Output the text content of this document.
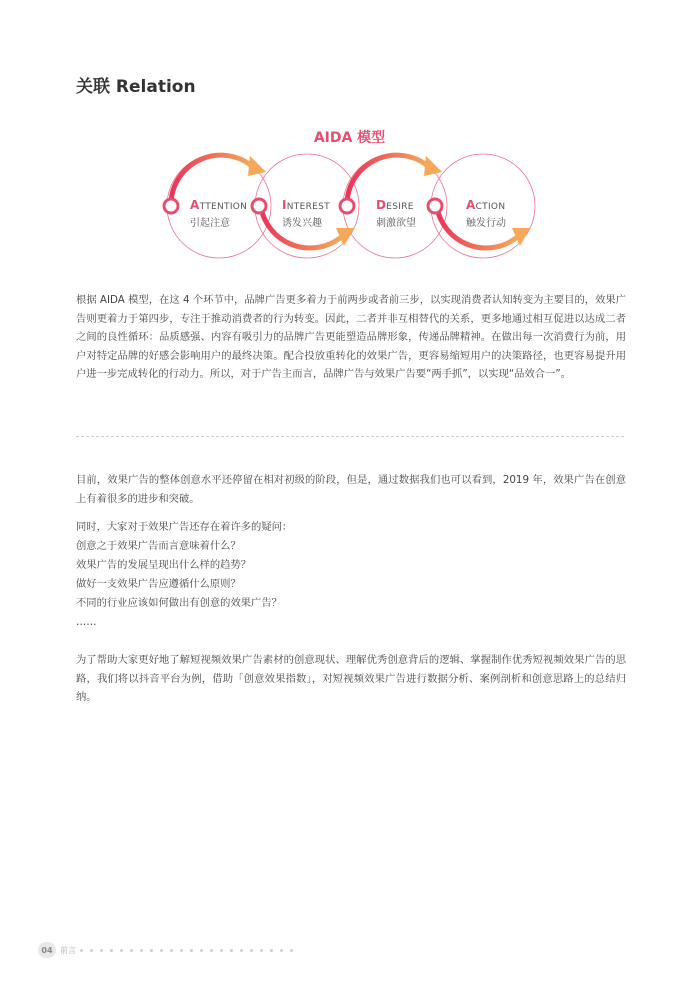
关联 Relation
AIDA 模型
ATTENTION
引起注意
INTEREST
诱发兴趣
DESIRE
刺激欲望
ACTION
触发行动
根据 AIDA 模型，在这 4 个环节中，品牌广告更多着力于前两步或者前三步，以实现消费者认知转变为主要目的，效果广告则更着力于第四步，专注于推动消费者的行为转变。因此，二者并非互相替代的关系，更多地通过相互促进以达成二者之间的良性循环：品质感强、内容有吸引力的品牌广告更能塑造品牌形象，传递品牌精神。在做出每一次消费行为前，用户对特定品牌的好感会影响用户的最终决策。配合投放重转化的效果广告，更容易缩短用户的决策路径，也更容易提升用户进一步完成转化的行动力。所以，对于广告主而言，品牌广告与效果广告要“两手抓”，以实现“品效合一”。
目前，效果广告的整体创意水平还停留在相对初级的阶段，但是，通过数据我们也可以看到，2019 年，效果广告在创意上有着很多的进步和突破。
同时，大家对于效果广告还存在着许多的疑问：
创意之于效果广告而言意味着什么？
效果广告的发展呈现出什么样的趋势？
做好一支效果广告应遵循什么原则？
不同的行业应该如何做出有创意的效果广告？
……
为了帮助大家更好地了解短视频效果广告素材的创意现状、理解优秀创意背后的逻辑、掌握制作优秀短视频效果广告的思路，我们将以抖音平台为例，借助「创意效果指数」，对短视频效果广告进行数据分析、案例剖析和创意思路上的总结归纳。
04 前言
